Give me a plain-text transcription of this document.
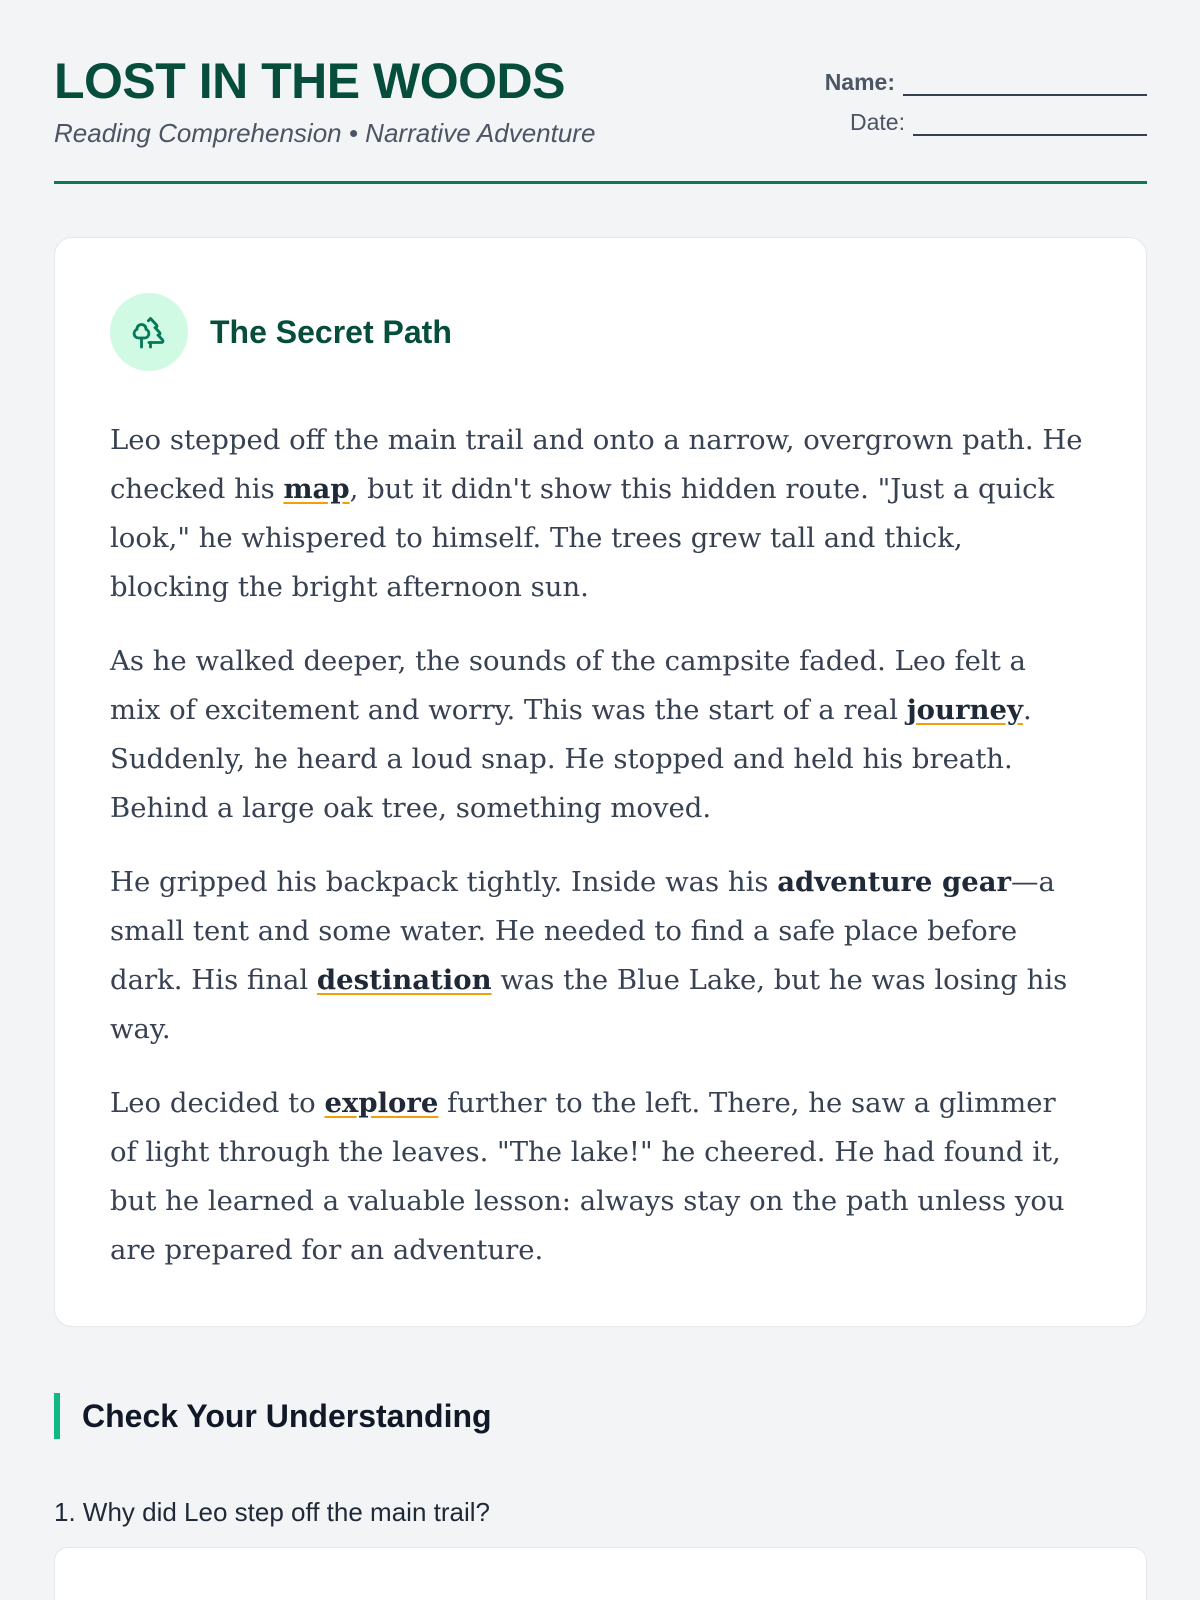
LOST IN THE WOODS
Reading Comprehension • Narrative Adventure
Name:
Date:
The Secret Path

Leo stepped off the main trail and onto a narrow, overgrown path. He checked his map, but it didn't show this hidden route. "Just a quick look," he whispered to himself. The trees grew tall and thick, blocking the bright afternoon sun.

As he walked deeper, the sounds of the campsite faded. Leo felt a mix of excitement and worry. This was the start of a real journey. Suddenly, he heard a loud snap. He stopped and held his breath. Behind a large oak tree, something moved.

He gripped his backpack tightly. Inside was his adventure gear—a small tent and some water. He needed to find a safe place before dark. His final destination was the Blue Lake, but he was losing his way.

Leo decided to explore further to the left. There, he saw a glimmer of light through the leaves. "The lake!" he cheered. He had found it, but he learned a valuable lesson: always stay on the path unless you are prepared for an adventure.

Check Your Understanding
1. Why did Leo step off the main trail?
